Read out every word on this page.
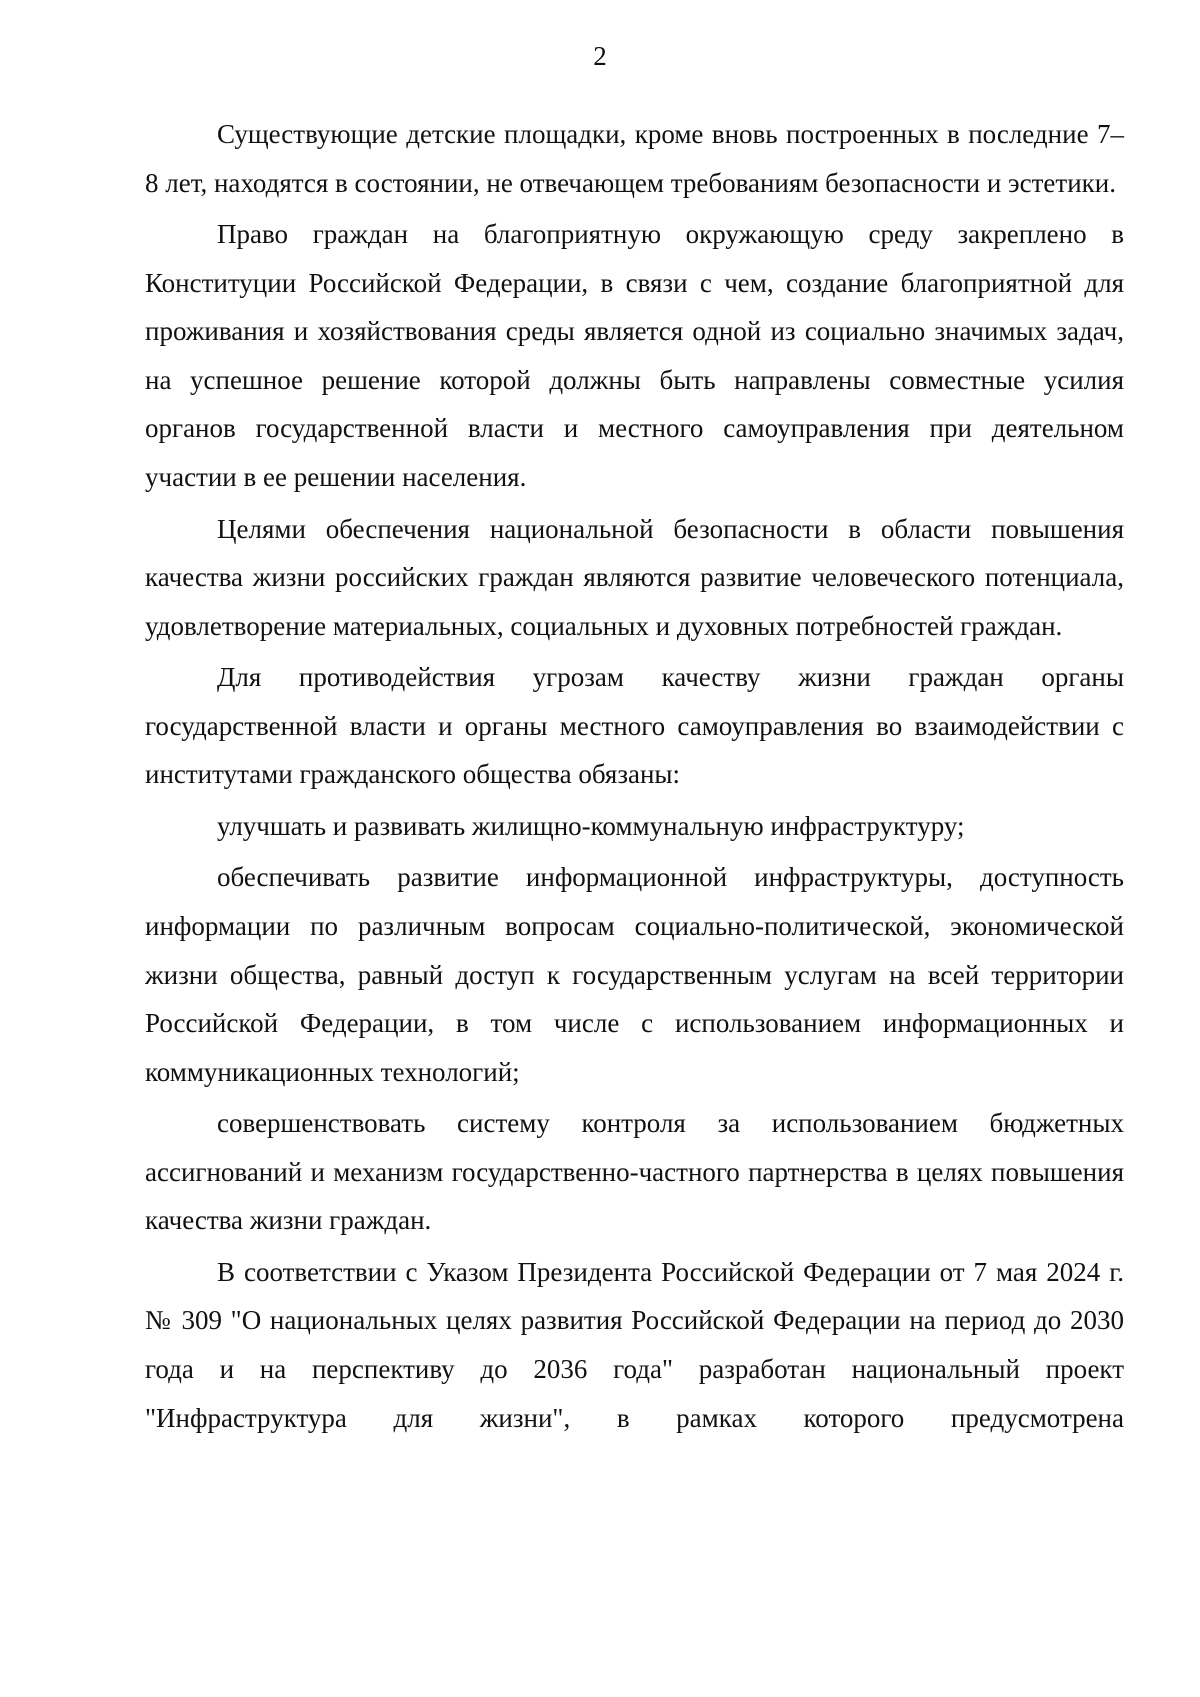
2

Существующие детские площадки, кроме вновь построенных в последние 7–8 лет, находятся в состоянии, не отвечающем требованиям безопасности и эстетики.

Право граждан на благоприятную окружающую среду закреплено в Конституции Российской Федерации, в связи с чем, создание благоприятной для проживания и хозяйствования среды является одной из социально значимых задач, на успешное решение которой должны быть направлены совместные усилия органов государственной власти и местного самоуправления при деятельном участии в ее решении населения.

Целями обеспечения национальной безопасности в области повышения качества жизни российских граждан являются развитие человеческого потенциала, удовлетворение материальных, социальных и духовных потребностей граждан.

Для противодействия угрозам качеству жизни граждан органы государственной власти и органы местного самоуправления во взаимодействии с институтами гражданского общества обязаны:

улучшать и развивать жилищно-коммунальную инфраструктуру;

обеспечивать развитие информационной инфраструктуры, доступность информации по различным вопросам социально-политической, экономической жизни общества, равный доступ к государственным услугам на всей территории Российской Федерации, в том числе с использованием информационных и коммуникационных технологий;

совершенствовать систему контроля за использованием бюджетных ассигнований и механизм государственно-частного партнерства в целях повышения качества жизни граждан.

В соответствии с Указом Президента Российской Федерации от 7 мая 2024 г. № 309 "О национальных целях развития Российской Федерации на период до 2030 года и на перспективу до 2036 года" разработан национальный проект "Инфраструктура для жизни", в рамках которого предусмотрена
